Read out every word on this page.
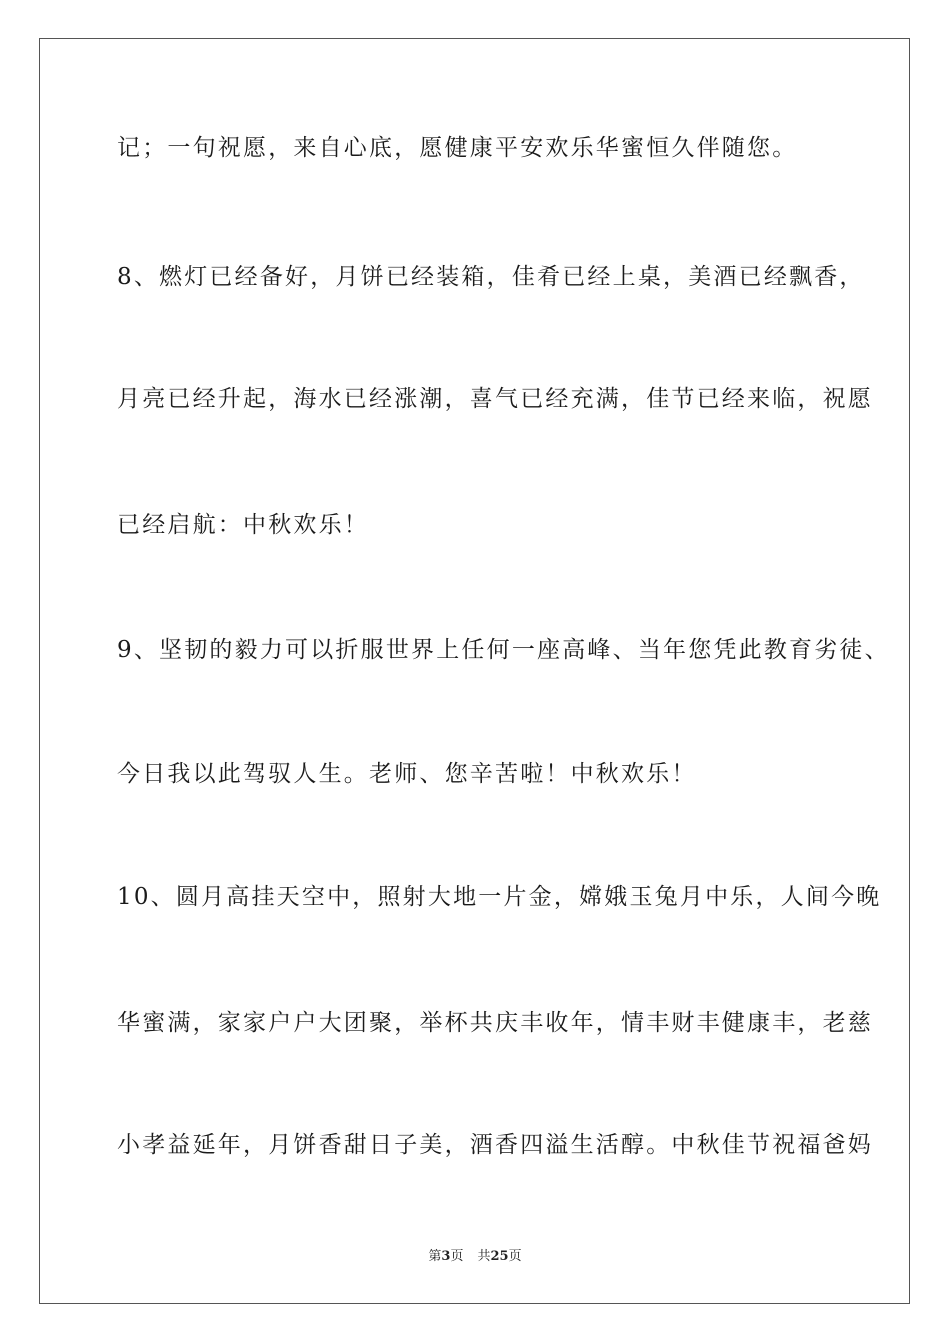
记；一句祝愿，来自心底，愿健康平安欢乐华蜜恒久伴随您。
8、燃灯已经备好，月饼已经装箱，佳肴已经上桌，美酒已经飘香，
月亮已经升起，海水已经涨潮，喜气已经充满，佳节已经来临，祝愿
已经启航：中秋欢乐！
9、坚韧的毅力可以折服世界上任何一座高峰、当年您凭此教育劣徒、
今日我以此驾驭人生。老师、您辛苦啦！中秋欢乐！
10、圆月高挂天空中，照射大地一片金，嫦娥玉兔月中乐，人间今晚
华蜜满，家家户户大团聚，举杯共庆丰收年，情丰财丰健康丰，老慈
小孝益延年，月饼香甜日子美，酒香四溢生活醇。中秋佳节祝福爸妈
第3页 共25页
